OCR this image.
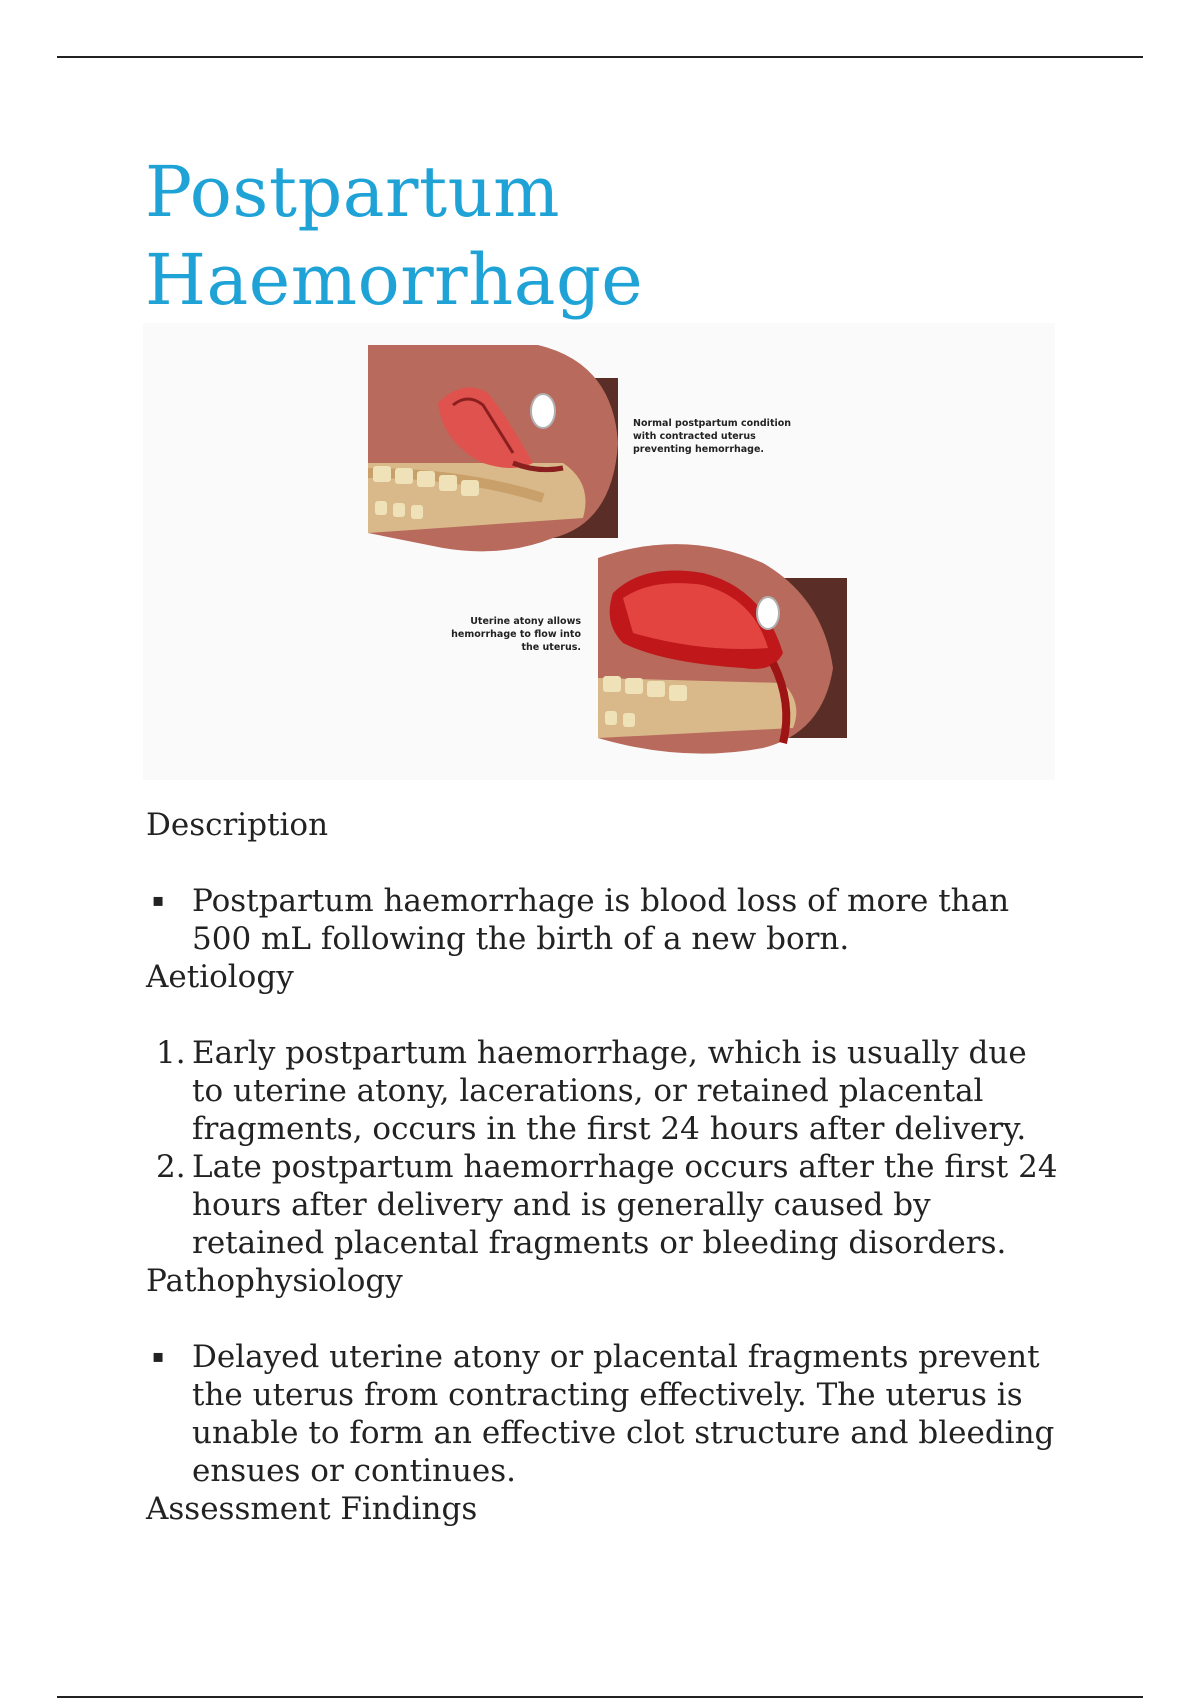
Postpartum
Haemorrhage
Normal postpartum condition with contracted uterus preventing hemorrhage.
Uterine atony allows hemorrhage to flow into the uterus.
Description
▪ Postpartum haemorrhage is blood loss of more than 500 mL following the birth of a new born.
Aetiology
1. Early postpartum haemorrhage, which is usually due to uterine atony, lacerations, or retained placental fragments, occurs in the first 24 hours after delivery.
2. Late postpartum haemorrhage occurs after the first 24 hours after delivery and is generally caused by retained placental fragments or bleeding disorders.
Pathophysiology
▪ Delayed uterine atony or placental fragments prevent the uterus from contracting effectively. The uterus is unable to form an effective clot structure and bleeding ensues or continues.
Assessment Findings
